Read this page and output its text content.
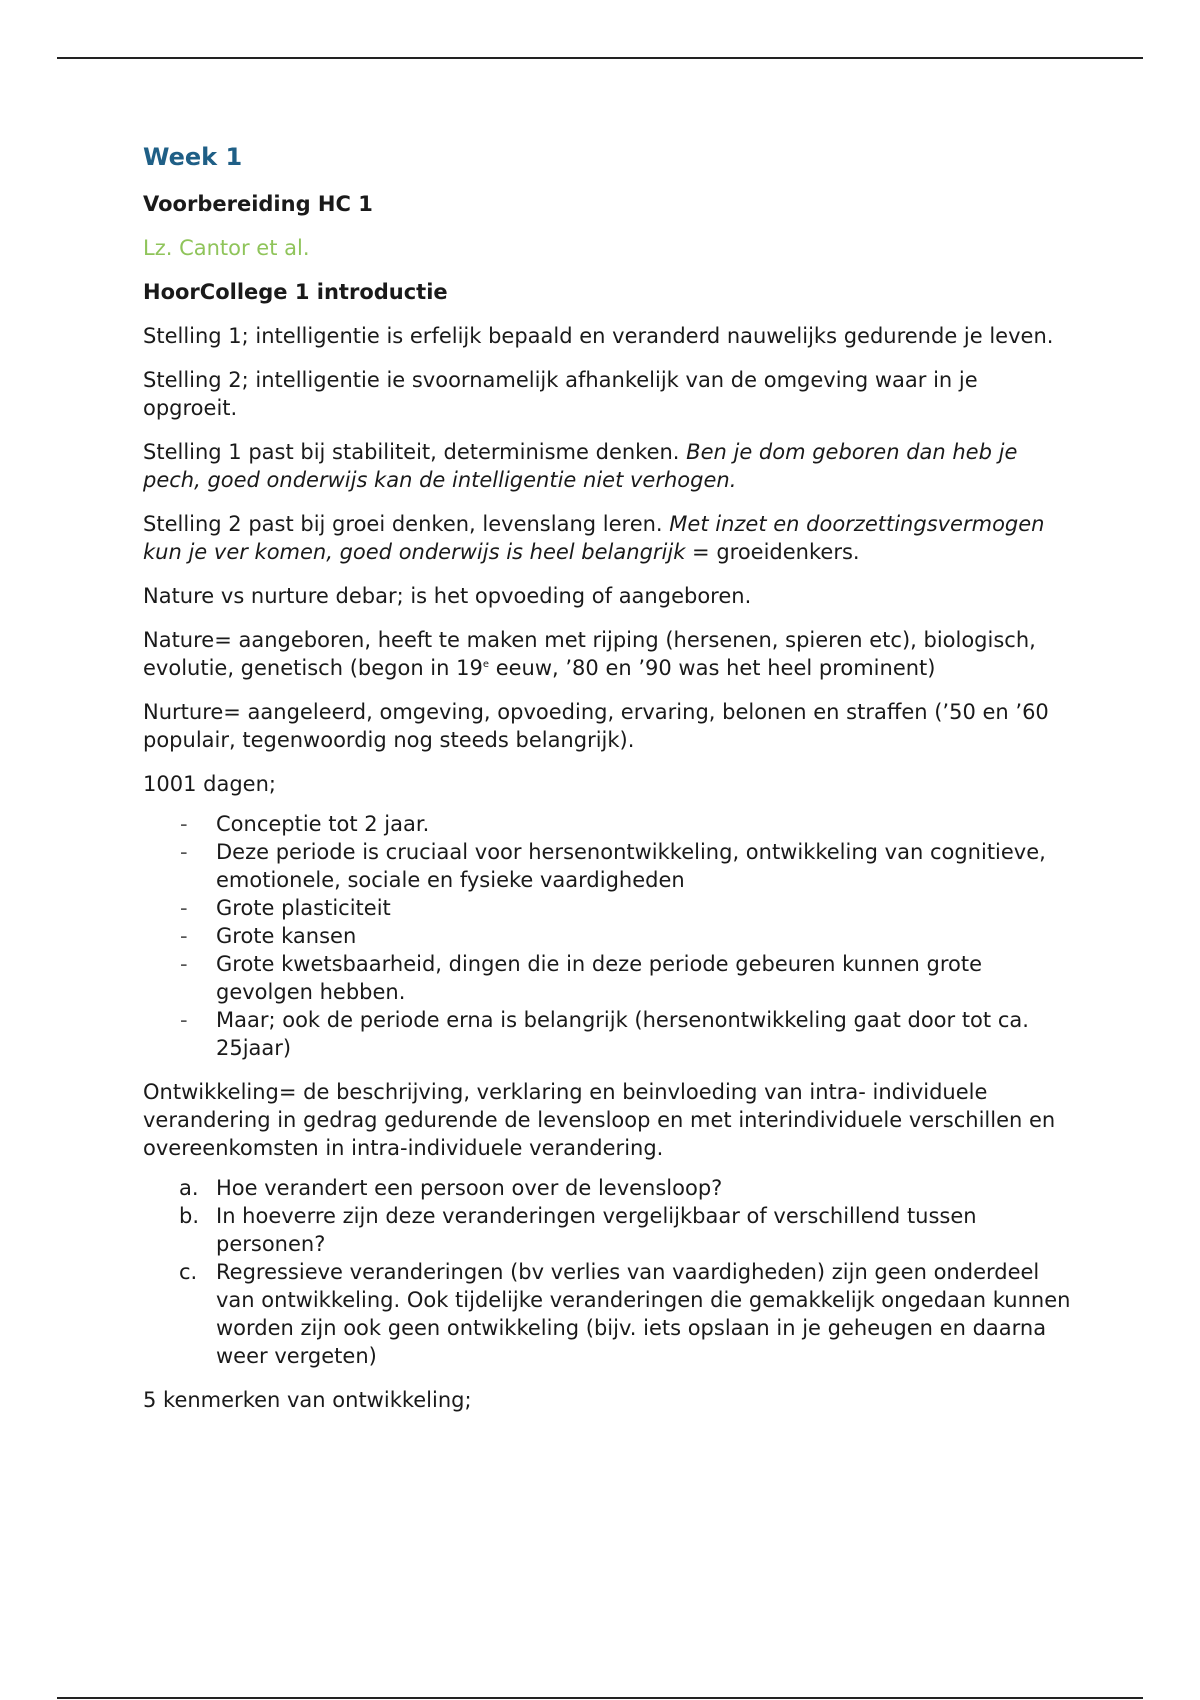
Week 1

Voorbereiding HC 1

Lz. Cantor et al.

HoorCollege 1 introductie

Stelling 1; intelligentie is erfelijk bepaald en veranderd nauwelijks gedurende je leven.

Stelling 2; intelligentie ie svoornamelijk afhankelijk van de omgeving waar in je opgroeit.

Stelling 1 past bij stabiliteit, determinisme denken. Ben je dom geboren dan heb je pech, goed onderwijs kan de intelligentie niet verhogen.

Stelling 2 past bij groei denken, levenslang leren. Met inzet en doorzettingsvermogen kun je ver komen, goed onderwijs is heel belangrijk = groeidenkers.

Nature vs nurture debar; is het opvoeding of aangeboren.

Nature= aangeboren, heeft te maken met rijping (hersenen, spieren etc), biologisch, evolutie, genetisch (begon in 19e eeuw, ’80 en ’90 was het heel prominent)

Nurture= aangeleerd, omgeving, opvoeding, ervaring, belonen en straffen (’50 en ’60 populair, tegenwoordig nog steeds belangrijk).

1001 dagen;

- Conceptie tot 2 jaar.
- Deze periode is cruciaal voor hersenontwikkeling, ontwikkeling van cognitieve, emotionele, sociale en fysieke vaardigheden
- Grote plasticiteit
- Grote kansen
- Grote kwetsbaarheid, dingen die in deze periode gebeuren kunnen grote gevolgen hebben.
- Maar; ook de periode erna is belangrijk (hersenontwikkeling gaat door tot ca. 25jaar)

Ontwikkeling= de beschrijving, verklaring en beinvloeding van intra- individuele verandering in gedrag gedurende de levensloop en met interindividuele verschillen en overeenkomsten in intra-individuele verandering.

a. Hoe verandert een persoon over de levensloop?
b. In hoeverre zijn deze veranderingen vergelijkbaar of verschillend tussen personen?
c. Regressieve veranderingen (bv verlies van vaardigheden) zijn geen onderdeel van ontwikkeling. Ook tijdelijke veranderingen die gemakkelijk ongedaan kunnen worden zijn ook geen ontwikkeling (bijv. iets opslaan in je geheugen en daarna weer vergeten)

5 kenmerken van ontwikkeling;
